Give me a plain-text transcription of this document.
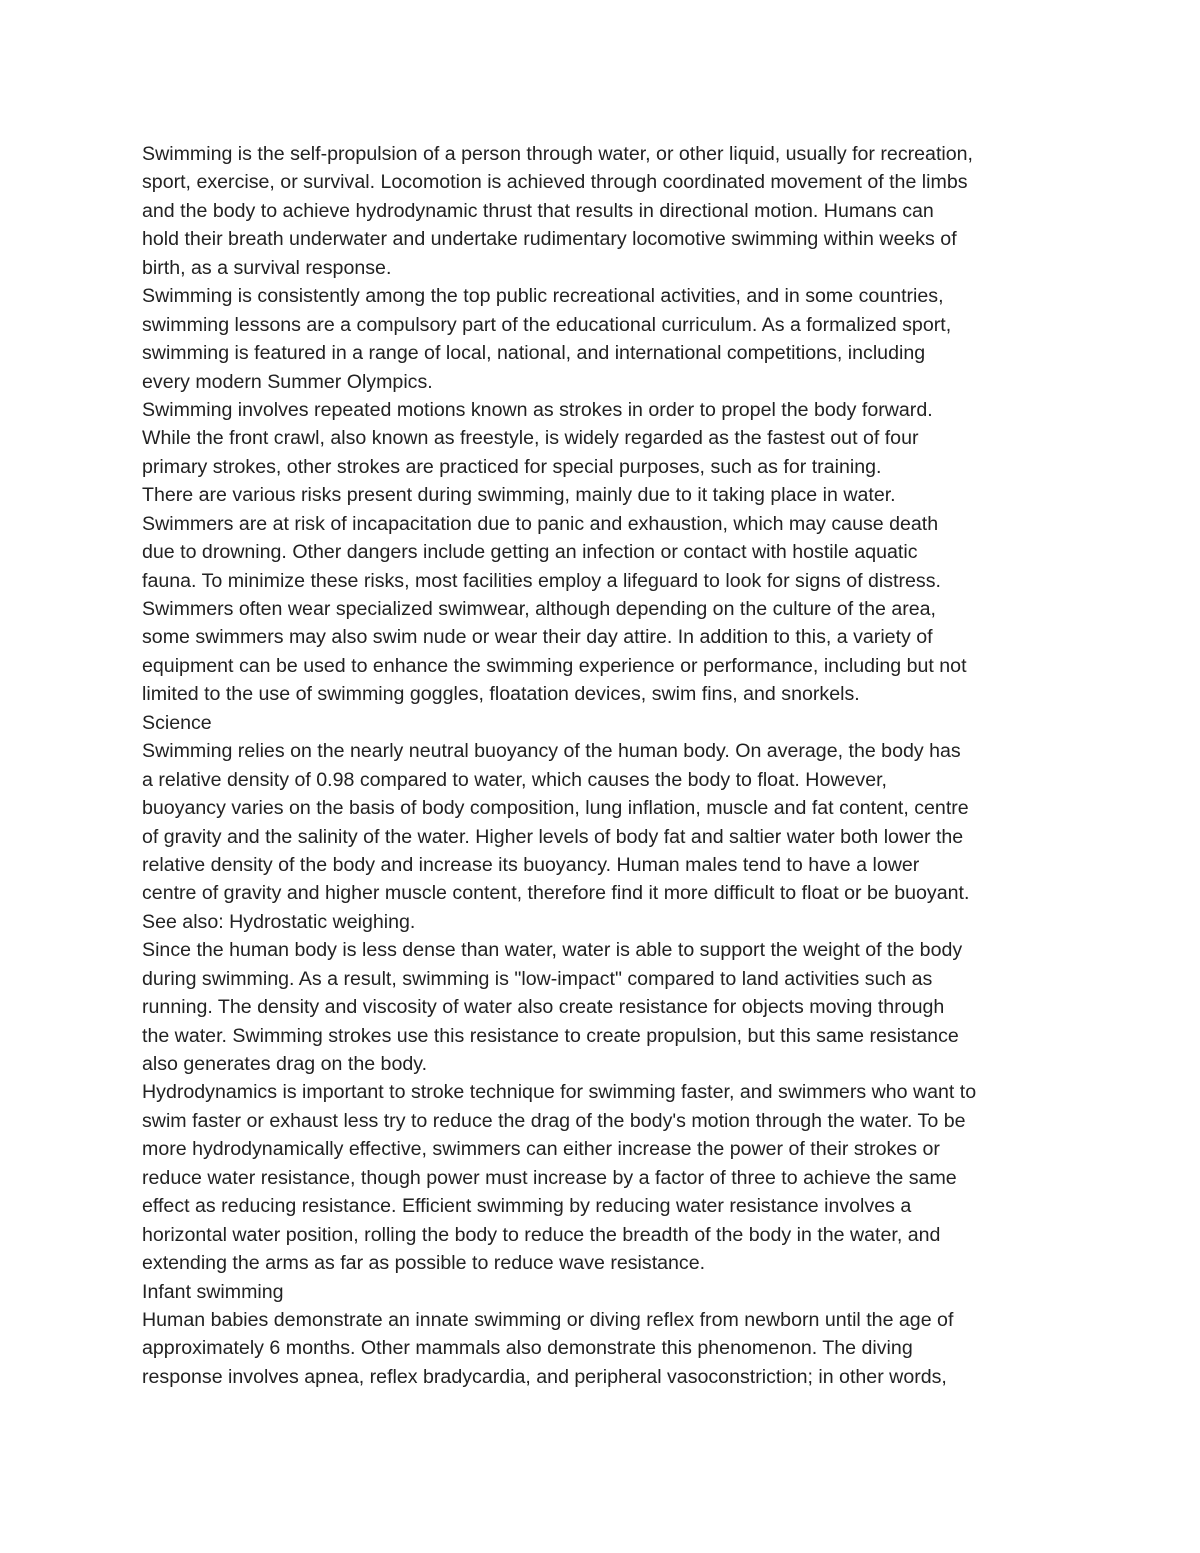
Swimming is the self-propulsion of a person through water, or other liquid, usually for recreation,
sport, exercise, or survival. Locomotion is achieved through coordinated movement of the limbs
and the body to achieve hydrodynamic thrust that results in directional motion. Humans can
hold their breath underwater and undertake rudimentary locomotive swimming within weeks of
birth, as a survival response.
Swimming is consistently among the top public recreational activities, and in some countries,
swimming lessons are a compulsory part of the educational curriculum. As a formalized sport,
swimming is featured in a range of local, national, and international competitions, including
every modern Summer Olympics.
Swimming involves repeated motions known as strokes in order to propel the body forward.
While the front crawl, also known as freestyle, is widely regarded as the fastest out of four
primary strokes, other strokes are practiced for special purposes, such as for training.
There are various risks present during swimming, mainly due to it taking place in water.
Swimmers are at risk of incapacitation due to panic and exhaustion, which may cause death
due to drowning. Other dangers include getting an infection or contact with hostile aquatic
fauna. To minimize these risks, most facilities employ a lifeguard to look for signs of distress.
Swimmers often wear specialized swimwear, although depending on the culture of the area,
some swimmers may also swim nude or wear their day attire. In addition to this, a variety of
equipment can be used to enhance the swimming experience or performance, including but not
limited to the use of swimming goggles, floatation devices, swim fins, and snorkels.
Science
Swimming relies on the nearly neutral buoyancy of the human body. On average, the body has
a relative density of 0.98 compared to water, which causes the body to float. However,
buoyancy varies on the basis of body composition, lung inflation, muscle and fat content, centre
of gravity and the salinity of the water. Higher levels of body fat and saltier water both lower the
relative density of the body and increase its buoyancy. Human males tend to have a lower
centre of gravity and higher muscle content, therefore find it more difficult to float or be buoyant.
See also: Hydrostatic weighing.
Since the human body is less dense than water, water is able to support the weight of the body
during swimming. As a result, swimming is "low-impact" compared to land activities such as
running. The density and viscosity of water also create resistance for objects moving through
the water. Swimming strokes use this resistance to create propulsion, but this same resistance
also generates drag on the body.
Hydrodynamics is important to stroke technique for swimming faster, and swimmers who want to
swim faster or exhaust less try to reduce the drag of the body's motion through the water. To be
more hydrodynamically effective, swimmers can either increase the power of their strokes or
reduce water resistance, though power must increase by a factor of three to achieve the same
effect as reducing resistance. Efficient swimming by reducing water resistance involves a
horizontal water position, rolling the body to reduce the breadth of the body in the water, and
extending the arms as far as possible to reduce wave resistance.
Infant swimming
Human babies demonstrate an innate swimming or diving reflex from newborn until the age of
approximately 6 months. Other mammals also demonstrate this phenomenon. The diving
response involves apnea, reflex bradycardia, and peripheral vasoconstriction; in other words,
